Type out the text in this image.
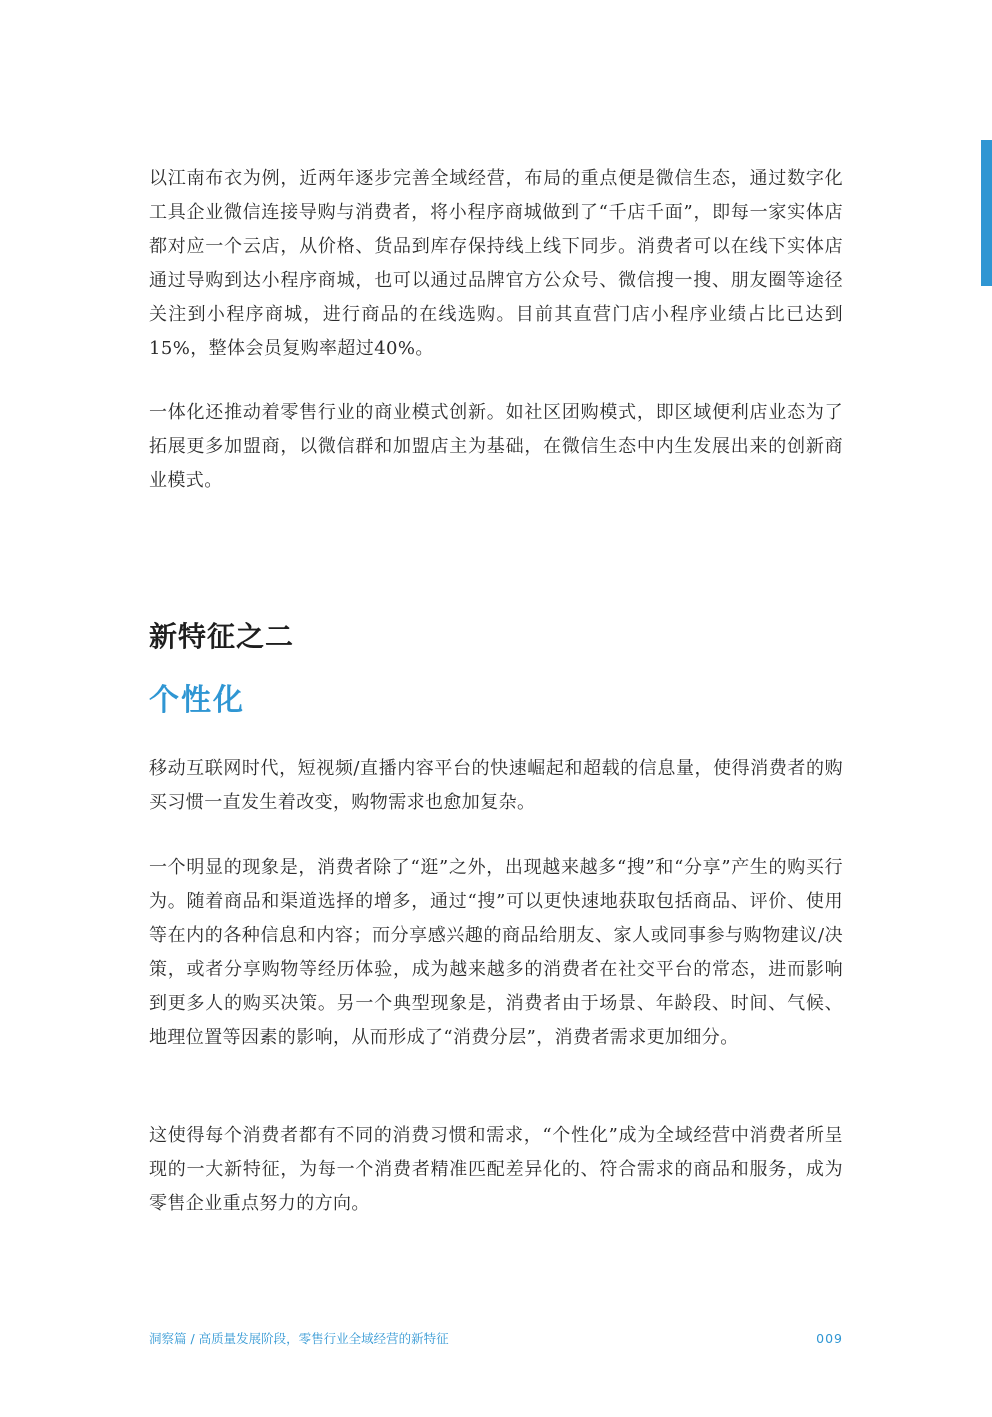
以江南布衣为例，近两年逐步完善全域经营，布局的重点便是微信生态，通过数字化工具企业微信连接导购与消费者，将小程序商城做到了“千店千面”，即每一家实体店都对应一个云店，从价格、货品到库存保持线上线下同步。消费者可以在线下实体店通过导购到达小程序商城，也可以通过品牌官方公众号、微信搜一搜、朋友圈等途径关注到小程序商城，进行商品的在线选购。目前其直营门店小程序业绩占比已达到15%，整体会员复购率超过40%。

一体化还推动着零售行业的商业模式创新。如社区团购模式，即区域便利店业态为了拓展更多加盟商，以微信群和加盟店主为基础，在微信生态中内生发展出来的创新商业模式。

新特征之二
个性化

移动互联网时代，短视频/直播内容平台的快速崛起和超载的信息量，使得消费者的购买习惯一直发生着改变，购物需求也愈加复杂。

一个明显的现象是，消费者除了“逛”之外，出现越来越多“搜”和“分享”产生的购买行为。随着商品和渠道选择的增多，通过“搜”可以更快速地获取包括商品、评价、使用等在内的各种信息和内容；而分享感兴趣的商品给朋友、家人或同事参与购物建议/决策，或者分享购物等经历体验，成为越来越多的消费者在社交平台的常态，进而影响到更多人的购买决策。另一个典型现象是，消费者由于场景、年龄段、时间、气候、地理位置等因素的影响，从而形成了“消费分层”，消费者需求更加细分。

这使得每个消费者都有不同的消费习惯和需求，“个性化”成为全域经营中消费者所呈现的一大新特征，为每一个消费者精准匹配差异化的、符合需求的商品和服务，成为零售企业重点努力的方向。

洞察篇 / 高质量发展阶段，零售行业全域经营的新特征	009
